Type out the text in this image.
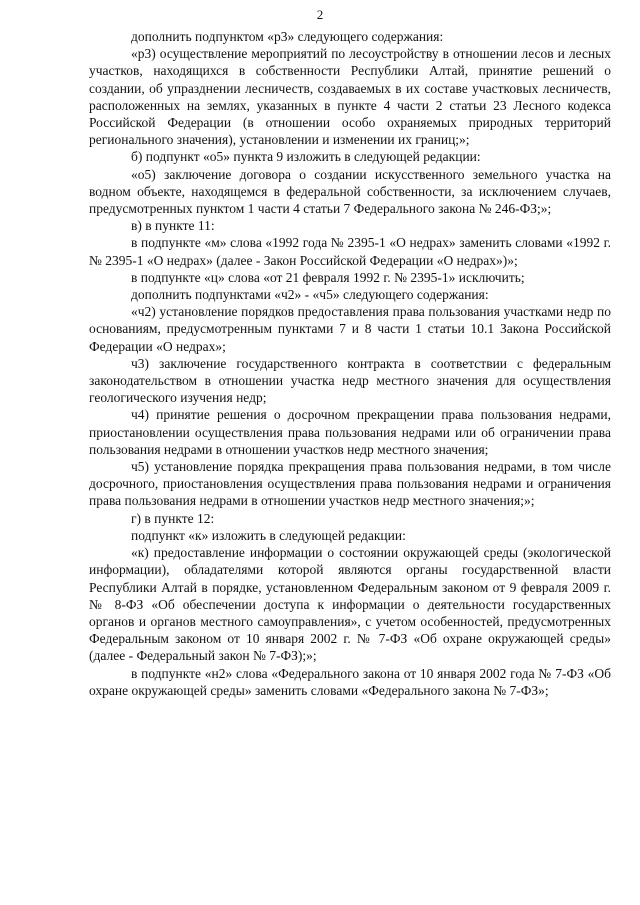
2

дополнить подпунктом «р3» следующего содержания:

«р3) осуществление мероприятий по лесоустройству в отношении лесов и лесных участков, находящихся в собственности Республики Алтай, принятие решений о создании, об упразднении лесничеств, создаваемых в их составе участковых лесничеств, расположенных на землях, указанных в пункте 4 части 2 статьи 23 Лесного кодекса Российской Федерации (в отношении особо охраняемых природных территорий регионального значения), установлении и изменении их границ;»;

б) подпункт «о5» пункта 9 изложить в следующей редакции:

«о5) заключение договора о создании искусственного земельного участка на водном объекте, находящемся в федеральной собственности, за исключением случаев, предусмотренных пунктом 1 части 4 статьи 7 Федерального закона № 246-ФЗ;»;

в) в пункте 11:

в подпункте «м» слова «1992 года № 2395-1 «О недрах» заменить словами «1992 г. № 2395-1 «О недрах» (далее - Закон Российской Федерации «О недрах»)»;

в подпункте «ц» слова «от 21 февраля 1992 г. № 2395-1» исключить;

дополнить подпунктами «ч2» - «ч5» следующего содержания:

«ч2) установление порядков предоставления права пользования участками недр по основаниям, предусмотренным пунктами 7 и 8 части 1 статьи 10.1 Закона Российской Федерации «О недрах»;

ч3) заключение государственного контракта в соответствии с федеральным законодательством в отношении участка недр местного значения для осуществления геологического изучения недр;

ч4) принятие решения о досрочном прекращении права пользования недрами, приостановлении осуществления права пользования недрами или об ограничении права пользования недрами в отношении участков недр местного значения;

ч5) установление порядка прекращения права пользования недрами, в том числе досрочного, приостановления осуществления права пользования недрами и ограничения права пользования недрами в отношении участков недр местного значения;»;

г) в пункте 12:

подпункт «к» изложить в следующей редакции:

«к) предоставление информации о состоянии окружающей среды (экологической информации), обладателями которой являются органы государственной власти Республики Алтай в порядке, установленном Федеральным законом от 9 февраля 2009 г. № 8-ФЗ «Об обеспечении доступа к информации о деятельности государственных органов и органов местного самоуправления», с учетом особенностей, предусмотренных Федеральным законом от 10 января 2002 г. № 7-ФЗ «Об охране окружающей среды» (далее - Федеральный закон № 7-ФЗ);»;

в подпункте «н2» слова «Федерального закона от 10 января 2002 года № 7-ФЗ «Об охране окружающей среды» заменить словами «Федерального закона № 7-ФЗ»;
